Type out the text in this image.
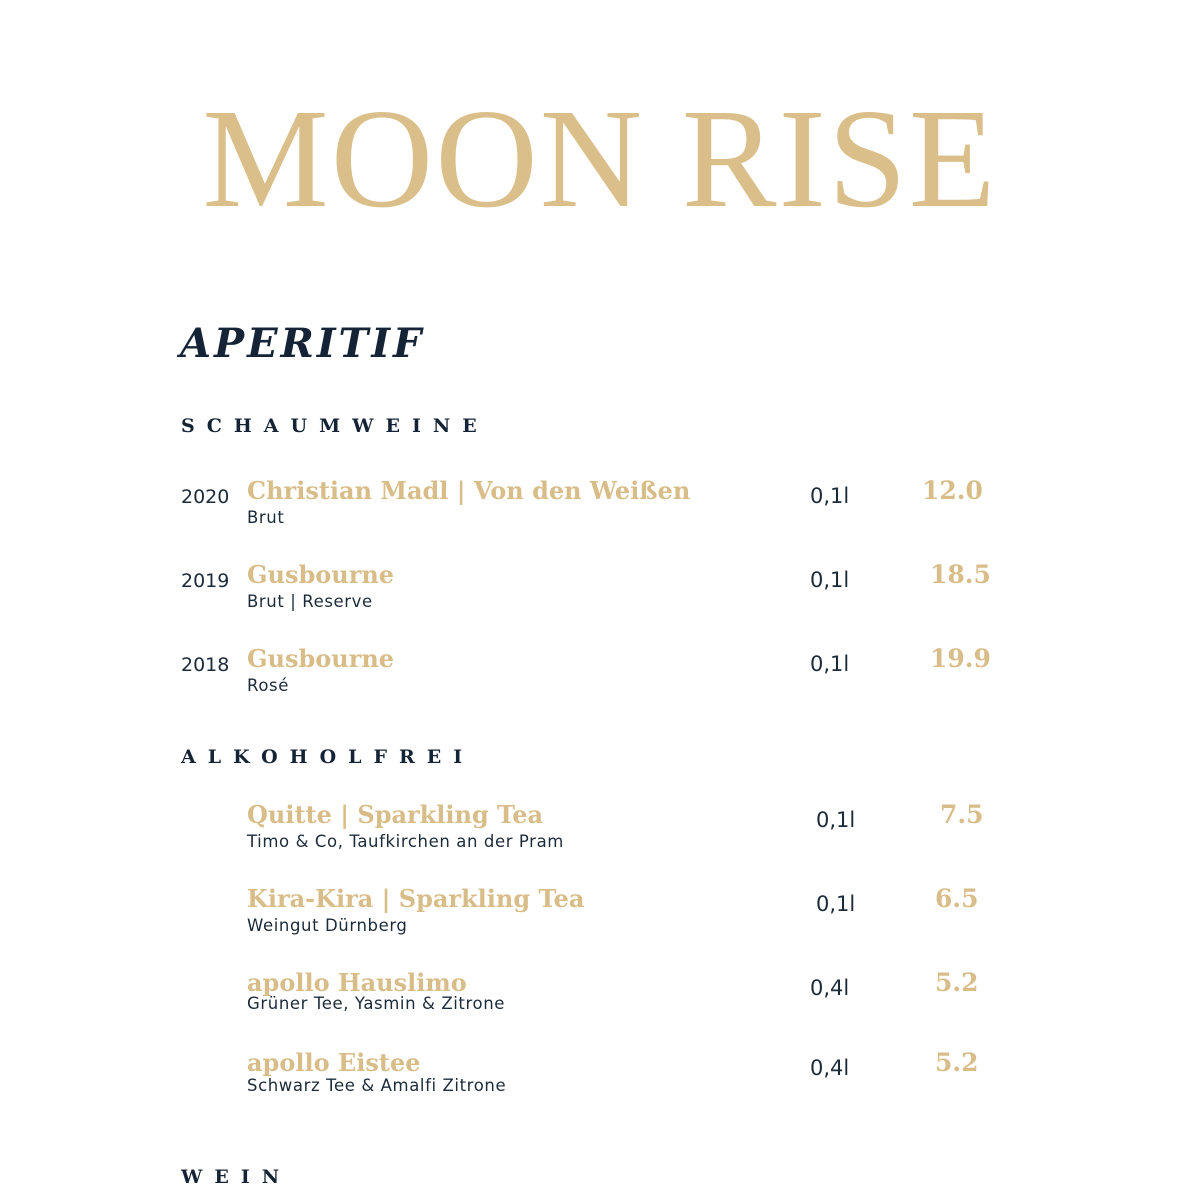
MOON RISE
APERITIF
SCHAUMWEINE
2020 Christian Madl | Von den Weißen
Brut
0,1l	12.0
2019 Gusbourne
Brut | Reserve
0,1l	18.5
2018 Gusbourne
Rosé
0,1l	19.9
ALKOHOLFREI
Quitte | Sparkling Tea
Timo & Co, Taufkirchen an der Pram
0,1l	7.5
Kira-Kira | Sparkling Tea
Weingut Dürnberg
0,1l	6.5
apollo Hauslimo
Grüner Tee, Yasmin & Zitrone
0,4l	5.2
apollo Eistee
Schwarz Tee & Amalfi Zitrone
0,4l	5.2
WEIN
